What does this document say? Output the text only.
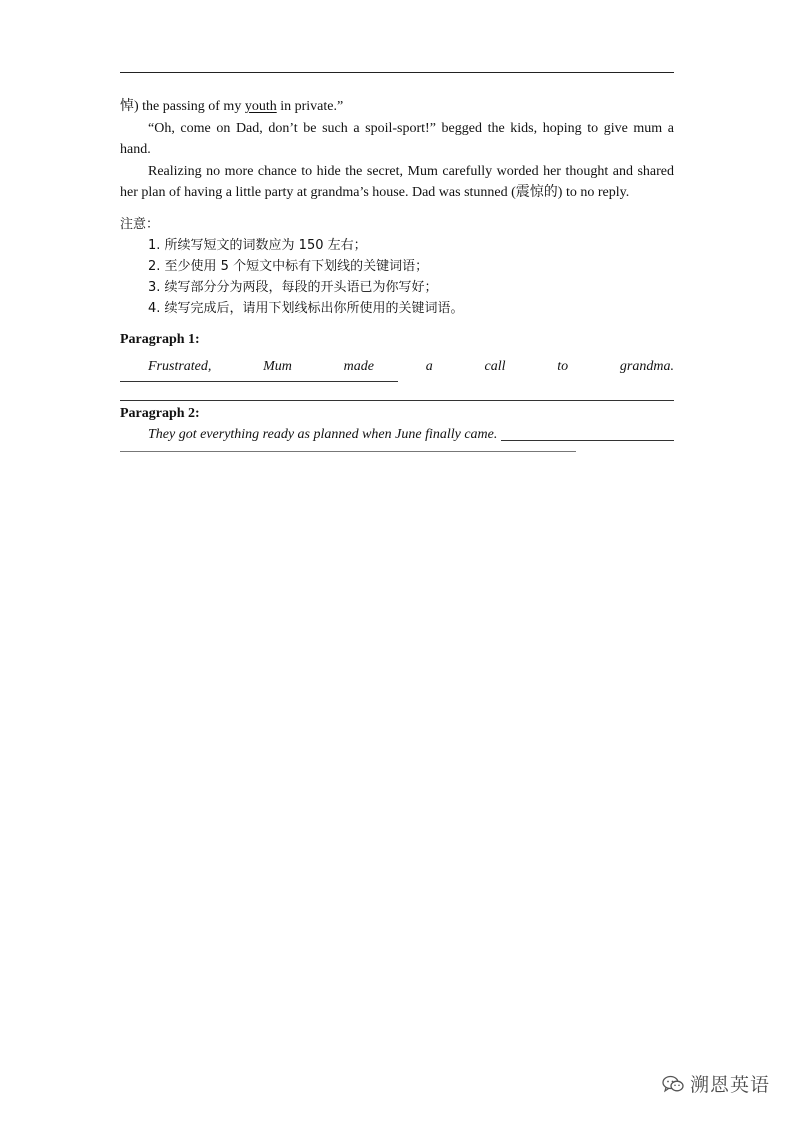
悼) the passing of my youth in private.”

“Oh, come on Dad, don’t be such a spoil-sport!” begged the kids, hoping to give mum a hand.

Realizing no more chance to hide the secret, Mum carefully worded her thought and shared her plan of having a little party at grandma’s house. Dad was stunned (震惊的) to no reply.

注意：

1. 所续写短文的词数应为 150 左右；
2. 至少使用 5 个短文中标有下划线的关键词语；
3. 续写部分分为两段，每段的开头语已为你写好；
4. 续写完成后，请用下划线标出你所使用的关键词语。

Paragraph 1:

Frustrated,	Mum	made	a	call	to	grandma.

Paragraph 2:

They got everything ready as planned when June finally came.
溯恩英语
